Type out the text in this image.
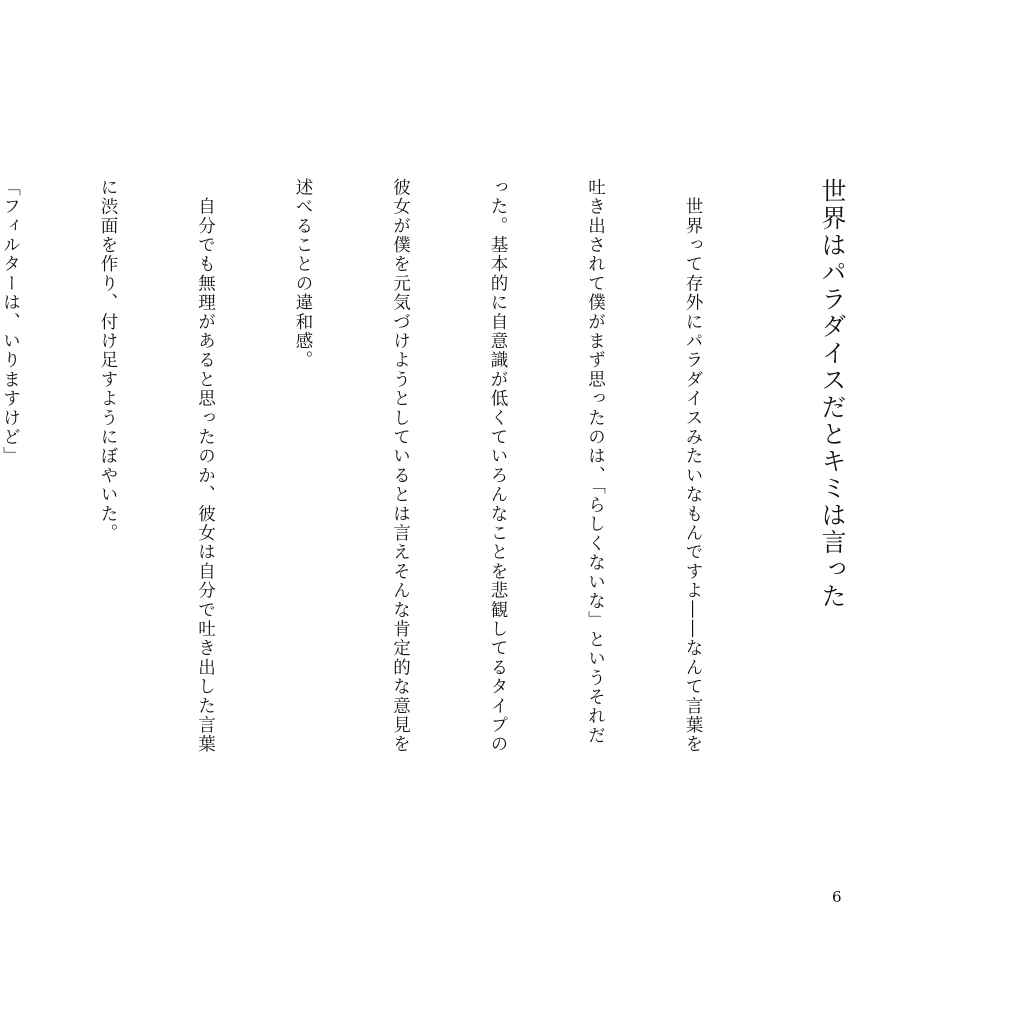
世界はパラダイスだとキミは言った

　世界って存外にパラダイスみたいなもんですよ――なんて言葉を

吐き出されて僕がまず思ったのは、「らしくないな」というそれだ

った。基本的に自意識が低くていろんなことを悲観してるタイプの

彼女が僕を元気づけようとしているとは言えそんな肯定的な意見を

述べることの違和感。

　自分でも無理があると思ったのか、彼女は自分で吐き出した言葉

に渋面を作り、付け足すようにぼやいた。

「フィルターは、いりますけど」

6
